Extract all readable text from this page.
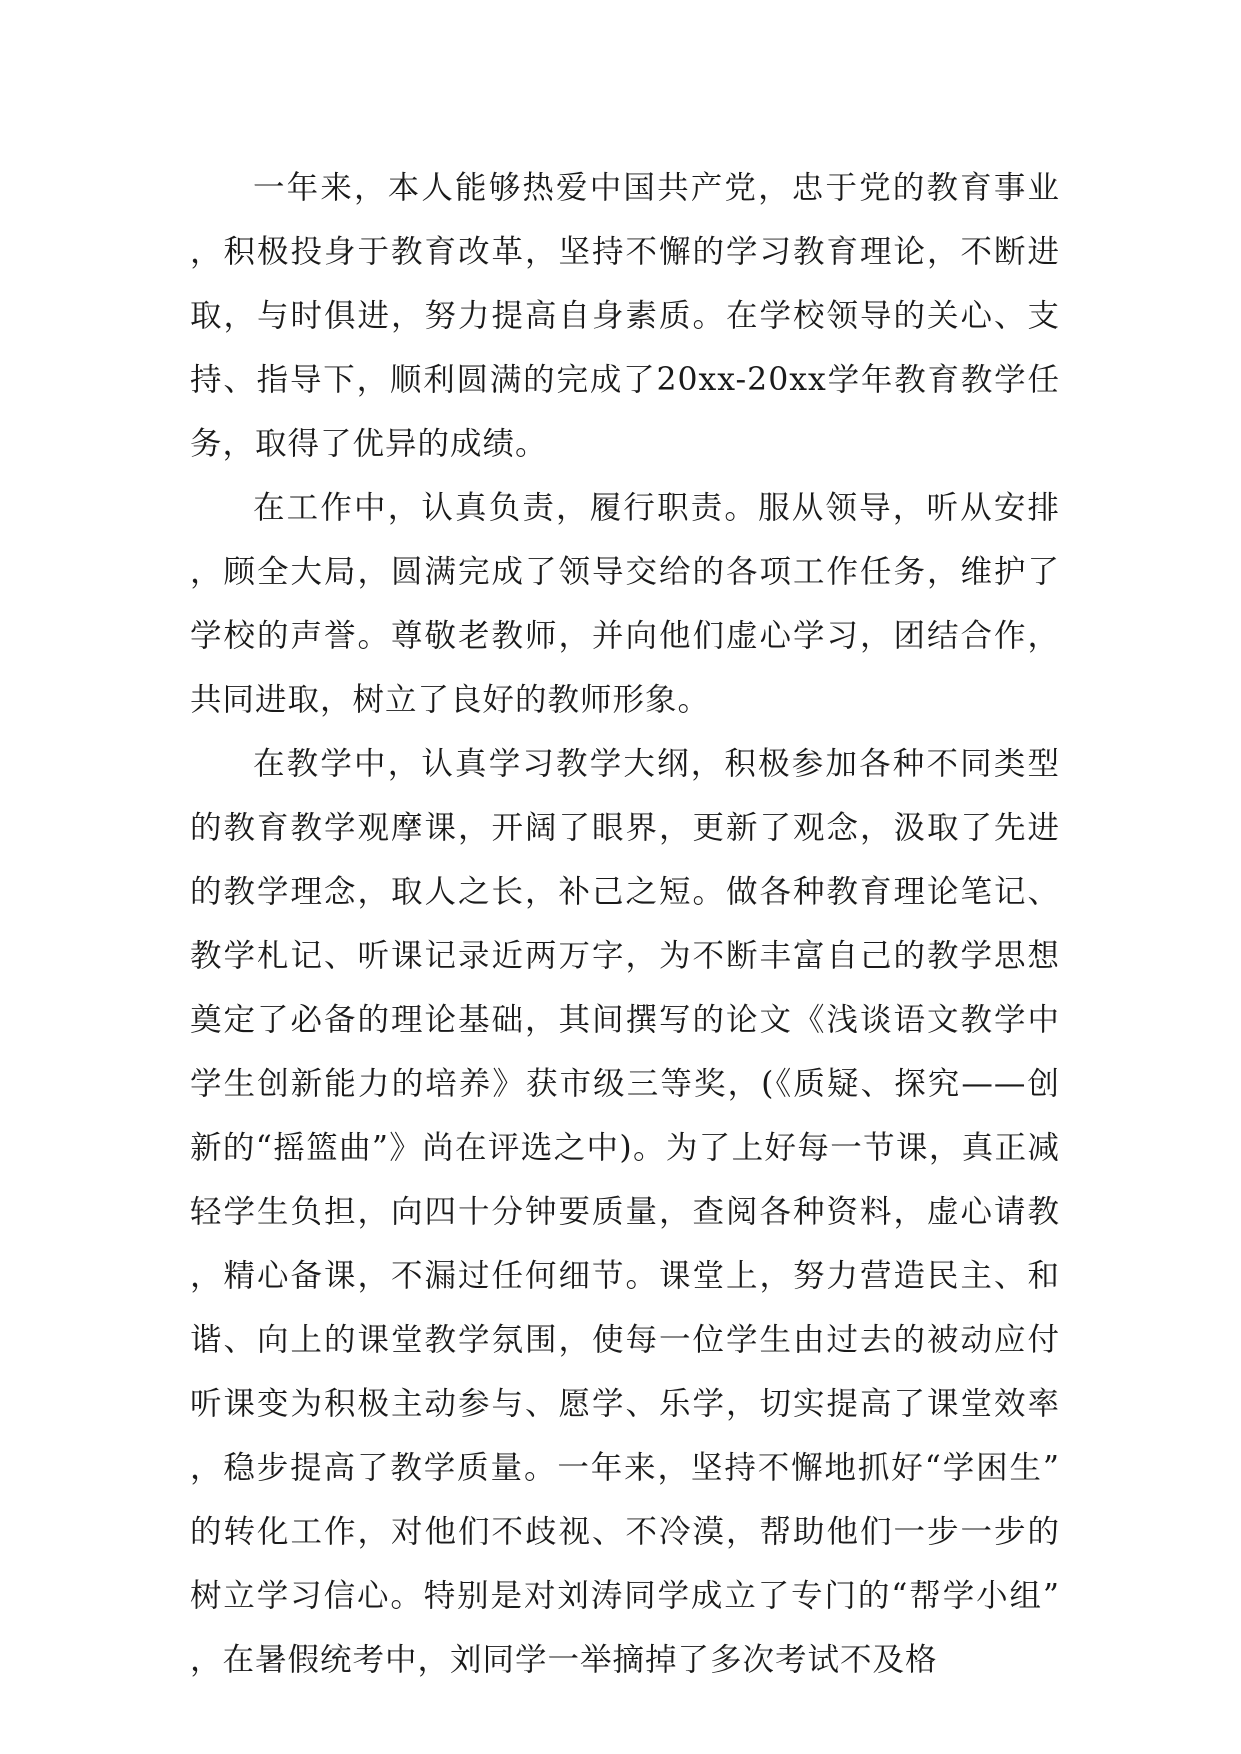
一年来，本人能够热爱中国共产党，忠于党的教育事业，积极投身于教育改革，坚持不懈的学习教育理论，不断进取，与时俱进，努力提高自身素质。在学校领导的关心、支持、指导下，顺利圆满的完成了20xx-20xx学年教育教学任务，取得了优异的成绩。

在工作中，认真负责，履行职责。服从领导，听从安排，顾全大局，圆满完成了领导交给的各项工作任务，维护了学校的声誉。尊敬老教师，并向他们虚心学习，团结合作，共同进取，树立了良好的教师形象。

在教学中，认真学习教学大纲，积极参加各种不同类型的教育教学观摩课，开阔了眼界，更新了观念，汲取了先进的教学理念，取人之长，补己之短。做各种教育理论笔记、教学札记、听课记录近两万字，为不断丰富自己的教学思想奠定了必备的理论基础，其间撰写的论文《浅谈语文教学中学生创新能力的培养》获市级三等奖，(《质疑、探究——创新的“摇篮曲”》尚在评选之中)。为了上好每一节课，真正减轻学生负担，向四十分钟要质量，查阅各种资料，虚心请教，精心备课，不漏过任何细节。课堂上，努力营造民主、和谐、向上的课堂教学氛围，使每一位学生由过去的被动应付听课变为积极主动参与、愿学、乐学，切实提高了课堂效率，稳步提高了教学质量。一年来，坚持不懈地抓好“学困生”的转化工作，对他们不歧视、不冷漠，帮助他们一步一步的树立学习信心。特别是对刘涛同学成立了专门的“帮学小组”，在暑假统考中，刘同学一举摘掉了多次考试不及格
